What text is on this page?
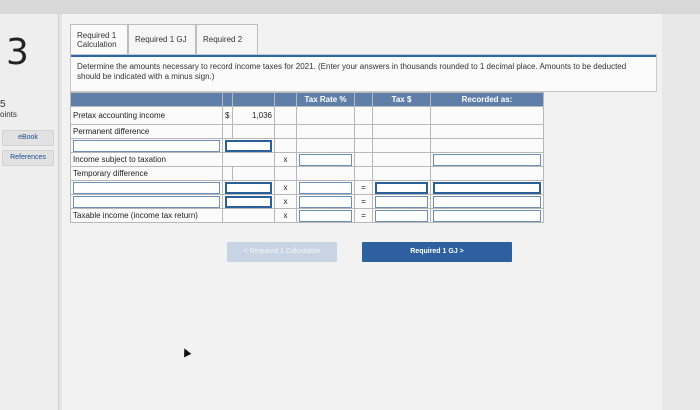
3
5
oints
eBook
References
Required 1
Calculation Required 1 GJ Required 2
Determine the amounts necessary to record income taxes for 2021. (Enter your answers in thousands rounded to 1 decimal place. Amounts to be deducted should be indicated with a minus sign.)
				Tax Rate %		Tax $	Recorded as:
Pretax accounting income	$	1,036					
Permanent difference							

Income subject to taxation			x	

Temporary difference							

		x		=	

		x		=	

Taxable income (income tax return)			x		=	

< Required 1 Calculation	Required 1 GJ >
